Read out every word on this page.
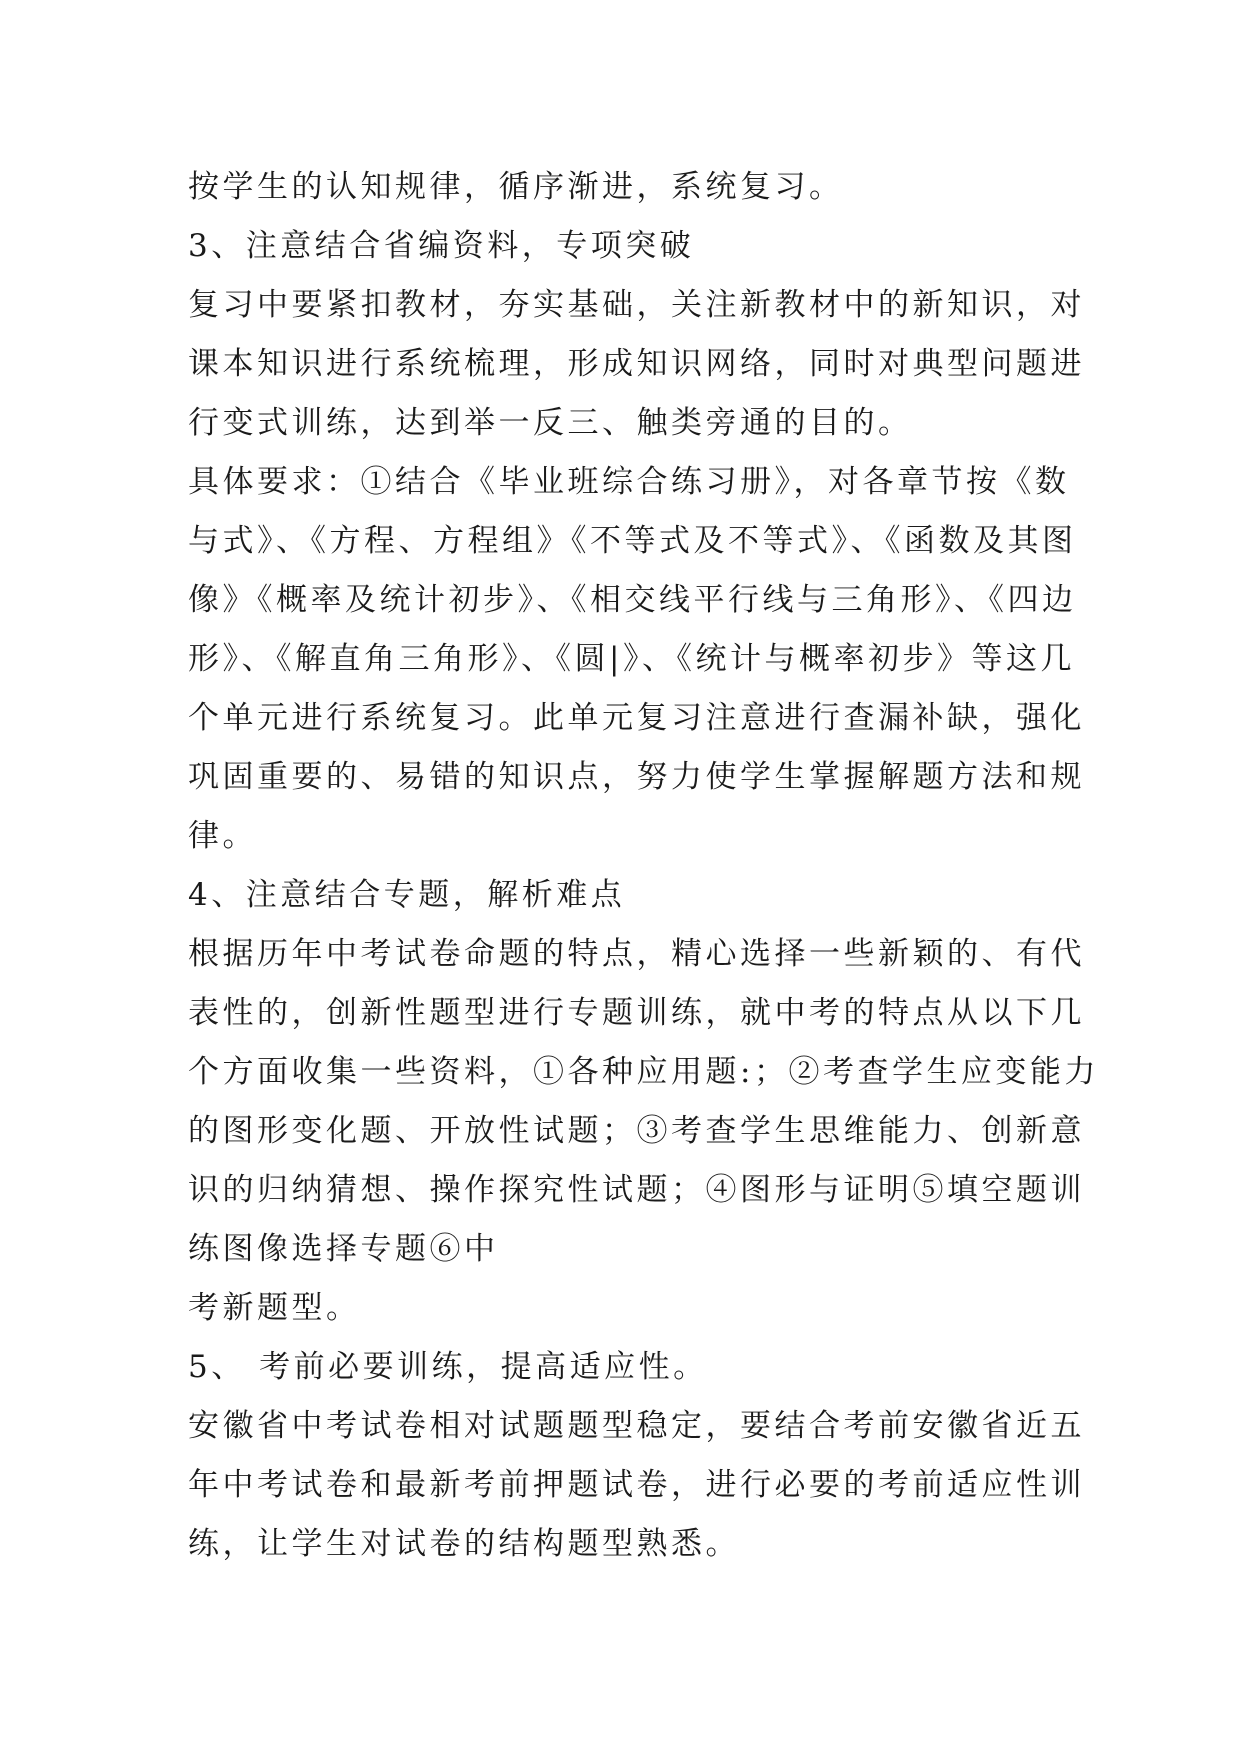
按学生的认知规律，循序渐进，系统复习。
3、注意结合省编资料，专项突破
复习中要紧扣教材，夯实基础，关注新教材中的新知识，对
课本知识进行系统梳理，形成知识网络，同时对典型问题进
行变式训练，达到举一反三、触类旁通的目的。
具体要求：①结合《毕业班综合练习册》，对各章节按《数
与式》、《方程、方程组》《不等式及不等式》、《函数及其图
像》《概率及统计初步》、《相交线平行线与三角形》、《四边
形》、《解直角三角形》、《圆|》、《统计与概率初步》等这几
个单元进行系统复习。此单元复习注意进行查漏补缺，强化
巩固重要的、易错的知识点，努力使学生掌握解题方法和规
律。
4、注意结合专题，解析难点
根据历年中考试卷命题的特点，精心选择一些新颖的、有代
表性的，创新性题型进行专题训练，就中考的特点从以下几
个方面收集一些资料，①各种应用题:；②考查学生应变能力
的图形变化题、开放性试题；③考查学生思维能力、创新意
识的归纳猜想、操作探究性试题；④图形与证明⑤填空题训
练图像选择专题⑥中
考新题型。
5、 考前必要训练，提高适应性。
安徽省中考试卷相对试题题型稳定，要结合考前安徽省近五
年中考试卷和最新考前押题试卷，进行必要的考前适应性训
练，让学生对试卷的结构题型熟悉。
